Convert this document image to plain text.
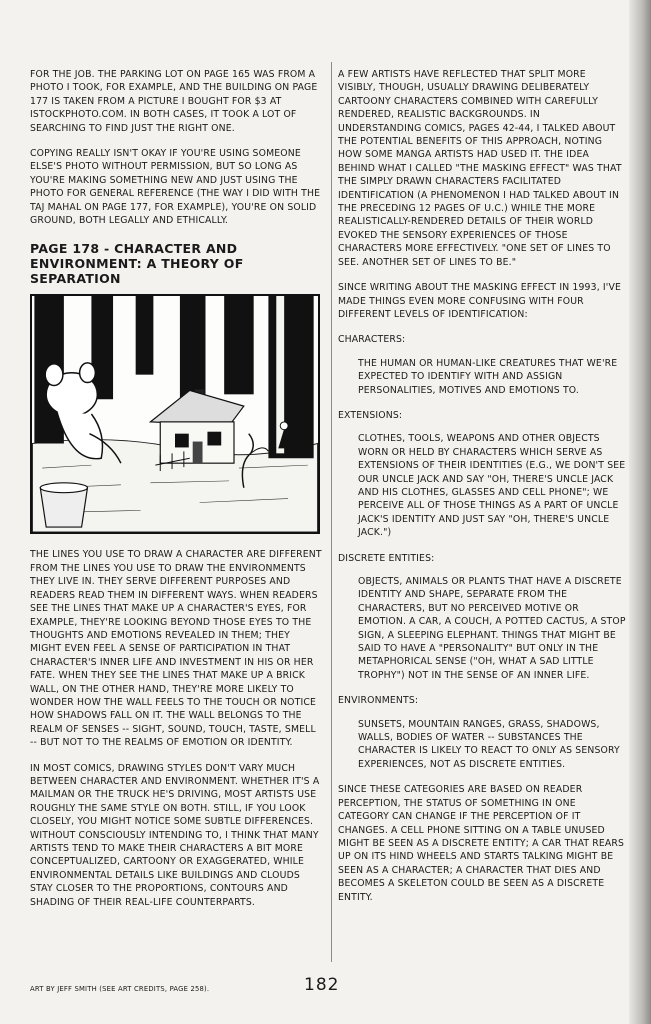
FOR THE JOB. THE PARKING LOT ON PAGE 165 WAS FROM A PHOTO I TOOK, FOR EXAMPLE, AND THE BUILDING ON PAGE 177 IS TAKEN FROM A PICTURE I BOUGHT FOR $3 AT ISTOCKPHOTO.COM. IN BOTH CASES, IT TOOK A LOT OF SEARCHING TO FIND JUST THE RIGHT ONE.

COPYING REALLY ISN'T OKAY IF YOU'RE USING SOMEONE ELSE'S PHOTO WITHOUT PERMISSION, BUT SO LONG AS YOU'RE MAKING SOMETHING NEW AND JUST USING THE PHOTO FOR GENERAL REFERENCE (THE WAY I DID WITH THE TAJ MAHAL ON PAGE 177, FOR EXAMPLE), YOU'RE ON SOLID GROUND, BOTH LEGALLY AND ETHICALLY.

PAGE 178 - CHARACTER AND ENVIRONMENT: A THEORY OF SEPARATION

THE LINES YOU USE TO DRAW A CHARACTER ARE DIFFERENT FROM THE LINES YOU USE TO DRAW THE ENVIRONMENTS THEY LIVE IN. THEY SERVE DIFFERENT PURPOSES AND READERS READ THEM IN DIFFERENT WAYS. WHEN READERS SEE THE LINES THAT MAKE UP A CHARACTER'S EYES, FOR EXAMPLE, THEY'RE LOOKING BEYOND THOSE EYES TO THE THOUGHTS AND EMOTIONS REVEALED IN THEM; THEY MIGHT EVEN FEEL A SENSE OF PARTICIPATION IN THAT CHARACTER'S INNER LIFE AND INVESTMENT IN HIS OR HER FATE. WHEN THEY SEE THE LINES THAT MAKE UP A BRICK WALL, ON THE OTHER HAND, THEY'RE MORE LIKELY TO WONDER HOW THE WALL FEELS TO THE TOUCH OR NOTICE HOW SHADOWS FALL ON IT. THE WALL BELONGS TO THE REALM OF SENSES -- SIGHT, SOUND, TOUCH, TASTE, SMELL -- BUT NOT TO THE REALMS OF EMOTION OR IDENTITY.

IN MOST COMICS, DRAWING STYLES DON'T VARY MUCH BETWEEN CHARACTER AND ENVIRONMENT. WHETHER IT'S A MAILMAN OR THE TRUCK HE'S DRIVING, MOST ARTISTS USE ROUGHLY THE SAME STYLE ON BOTH. STILL, IF YOU LOOK CLOSELY, YOU MIGHT NOTICE SOME SUBTLE DIFFERENCES. WITHOUT CONSCIOUSLY INTENDING TO, I THINK THAT MANY ARTISTS TEND TO MAKE THEIR CHARACTERS A BIT MORE CONCEPTUALIZED, CARTOONY OR EXAGGERATED, WHILE ENVIRONMENTAL DETAILS LIKE BUILDINGS AND CLOUDS STAY CLOSER TO THE PROPORTIONS, CONTOURS AND SHADING OF THEIR REAL-LIFE COUNTERPARTS.

A FEW ARTISTS HAVE REFLECTED THAT SPLIT MORE VISIBLY, THOUGH, USUALLY DRAWING DELIBERATELY CARTOONY CHARACTERS COMBINED WITH CAREFULLY RENDERED, REALISTIC BACKGROUNDS. IN UNDERSTANDING COMICS, PAGES 42-44, I TALKED ABOUT THE POTENTIAL BENEFITS OF THIS APPROACH, NOTING HOW SOME MANGA ARTISTS HAD USED IT. THE IDEA BEHIND WHAT I CALLED "THE MASKING EFFECT" WAS THAT THE SIMPLY DRAWN CHARACTERS FACILITATED IDENTIFICATION (A PHENOMENON I HAD TALKED ABOUT IN THE PRECEDING 12 PAGES OF U.C.) WHILE THE MORE REALISTICALLY-RENDERED DETAILS OF THEIR WORLD EVOKED THE SENSORY EXPERIENCES OF THOSE CHARACTERS MORE EFFECTIVELY. "ONE SET OF LINES TO SEE. ANOTHER SET OF LINES TO BE."

SINCE WRITING ABOUT THE MASKING EFFECT IN 1993, I'VE MADE THINGS EVEN MORE CONFUSING WITH FOUR DIFFERENT LEVELS OF IDENTIFICATION:

CHARACTERS:

THE HUMAN OR HUMAN-LIKE CREATURES THAT WE'RE EXPECTED TO IDENTIFY WITH AND ASSIGN PERSONALITIES, MOTIVES AND EMOTIONS TO.

EXTENSIONS:

CLOTHES, TOOLS, WEAPONS AND OTHER OBJECTS WORN OR HELD BY CHARACTERS WHICH SERVE AS EXTENSIONS OF THEIR IDENTITIES (E.G., WE DON'T SEE OUR UNCLE JACK AND SAY "OH, THERE'S UNCLE JACK AND HIS CLOTHES, GLASSES AND CELL PHONE"; WE PERCEIVE ALL OF THOSE THINGS AS A PART OF UNCLE JACK'S IDENTITY AND JUST SAY "OH, THERE'S UNCLE JACK.")

DISCRETE ENTITIES:

OBJECTS, ANIMALS OR PLANTS THAT HAVE A DISCRETE IDENTITY AND SHAPE, SEPARATE FROM THE CHARACTERS, BUT NO PERCEIVED MOTIVE OR EMOTION. A CAR, A COUCH, A POTTED CACTUS, A STOP SIGN, A SLEEPING ELEPHANT. THINGS THAT MIGHT BE SAID TO HAVE A "PERSONALITY" BUT ONLY IN THE METAPHORICAL SENSE ("OH, WHAT A SAD LITTLE TROPHY") NOT IN THE SENSE OF AN INNER LIFE.

ENVIRONMENTS:

SUNSETS, MOUNTAIN RANGES, GRASS, SHADOWS, WALLS, BODIES OF WATER -- SUBSTANCES THE CHARACTER IS LIKELY TO REACT TO ONLY AS SENSORY EXPERIENCES, NOT AS DISCRETE ENTITIES.

SINCE THESE CATEGORIES ARE BASED ON READER PERCEPTION, THE STATUS OF SOMETHING IN ONE CATEGORY CAN CHANGE IF THE PERCEPTION OF IT CHANGES. A CELL PHONE SITTING ON A TABLE UNUSED MIGHT BE SEEN AS A DISCRETE ENTITY; A CAR THAT REARS UP ON ITS HIND WHEELS AND STARTS TALKING MIGHT BE SEEN AS A CHARACTER; A CHARACTER THAT DIES AND BECOMES A SKELETON COULD BE SEEN AS A DISCRETE ENTITY.

ART BY JEFF SMITH (SEE ART CREDITS, PAGE 258).	182
